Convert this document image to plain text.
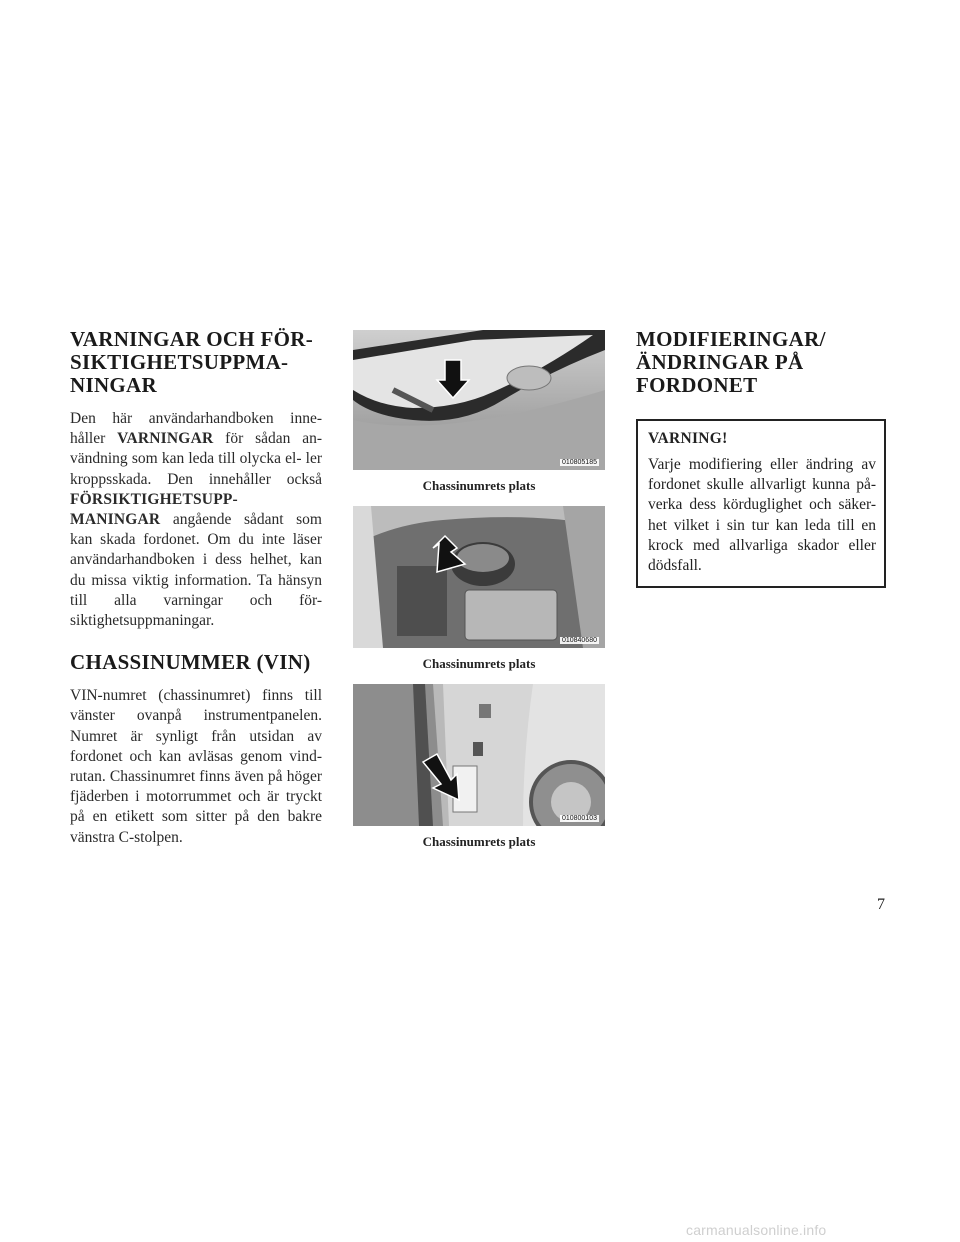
VARNINGAR OCH FÖR-
SIKTIGHETSUPPMA-
NINGAR

Den här användarhandboken inne- håller VARNINGAR för sådan an- vändning som kan leda till olycka el- ler kroppsskada. Den innehåller också FÖRSIKTIGHETSUPP- MANINGAR angående sådant som kan skada fordonet. Om du inte läser användarhandboken i dess helhet, kan du missa viktig information. Ta hänsyn till alla varningar och för- siktighetsuppmaningar.

CHASSINUMMER (VIN)

VIN-numret (chassinumret) finns till vänster ovanpå instrumentpanelen. Numret är synligt från utsidan av fordonet och kan avläsas genom vind- rutan. Chassinumret finns även på höger fjäderben i motorrummet och är tryckt på en etikett som sitter på den bakre vänstra C-stolpen.

010805185
Chassinumrets plats
010840680
Chassinumrets plats
010800103
Chassinumrets plats
MODIFIERINGAR/
ÄNDRINGAR PÅ
FORDONET
VARNING!

Varje modifiering eller ändring av fordonet skulle allvarligt kunna på- verka dess körduglighet och säker- het vilket i sin tur kan leda till en krock med allvarliga skador eller dödsfall.

7
carmanualsonline.info
